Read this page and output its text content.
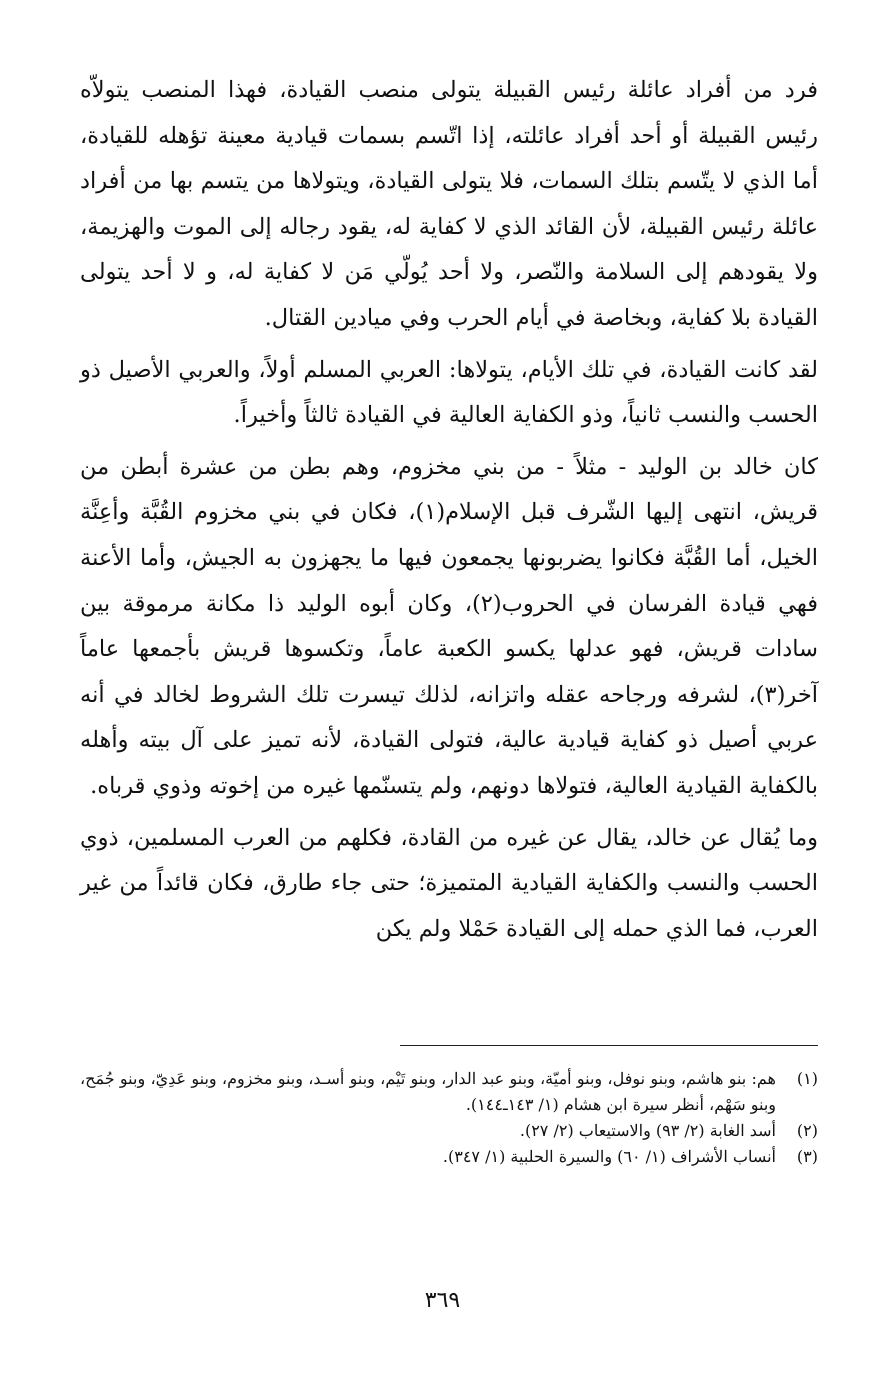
فرد من أفراد عائلة رئيس القبيلة يتولى منصب القيادة، فهذا المنصب يتولاّه رئيس القبيلة أو أحد أفراد عائلته، إذا اتّسم بسمات قيادية معينة تؤهله للقيادة، أما الذي لا يتّسم بتلك السمات، فلا يتولى القيادة، ويتولاها من يتسم بها من أفراد عائلة رئيس القبيلة، لأن القائد الذي لا كفاية له، يقود رجاله إلى الموت والهزيمة، ولا يقودهم إلى السلامة والنّصر، ولا أحد يُولّي مَن لا كفاية له، و لا أحد يتولى القيادة بلا كفاية، وبخاصة في أيام الحرب وفي ميادين القتال.

لقد كانت القيادة، في تلك الأيام، يتولاها: العربي المسلم أولاً، والعربي الأصيل ذو الحسب والنسب ثانياً، وذو الكفاية العالية في القيادة ثالثاً وأخيراً.

كان خالد بن الوليد - مثلاً - من بني مخزوم، وهم بطن من عشرة أبطن من قريش، انتهى إليها الشّرف قبل الإسلام(١)، فكان في بني مخزوم القُبَّة وأعِنَّة الخيل، أما القُبَّة فكانوا يضربونها يجمعون فيها ما يجهزون به الجيش، وأما الأعنة فهي قيادة الفرسان في الحروب(٢)، وكان أبوه الوليد ذا مكانة مرموقة بين سادات قريش، فهو عدلها يكسو الكعبة عاماً، وتكسوها قريش بأجمعها عاماً آخر(٣)، لشرفه ورجاحه عقله واتزانه، لذلك تيسرت تلك الشروط لخالد في أنه عربي أصيل ذو كفاية قيادية عالية، فتولى القيادة، لأنه تميز على آل بيته وأهله بالكفاية القيادية العالية، فتولاها دونهم، ولم يتسنّمها غيره من إخوته وذوي قرباه.

وما يُقال عن خالد، يقال عن غيره من القادة، فكلهم من العرب المسلمين، ذوي الحسب والنسب والكفاية القيادية المتميزة؛ حتى جاء طارق، فكان قائداً من غير العرب، فما الذي حمله إلى القيادة حَمْلا ولم يكن

(١)
هم: بنو هاشم، وبنو نوفل، وبنو أميّة، وبنو عبد الدار، وبنو تَيْم، وبنو أسـد، وبنو مخزوم، وبنو عَدِيّ، وبنو جُمَح، وبنو سَهْم، أنظر سيرة ابن هشام (١/ ١٤٣ـ١٤٤).

(٢)
أسد الغابة (٢/ ٩٣) والاستيعاب (٢/ ٢٧).

(٣)
أنساب الأشراف (١/ ٦٠) والسيرة الحلبية (١/ ٣٤٧).

٣٦٩
